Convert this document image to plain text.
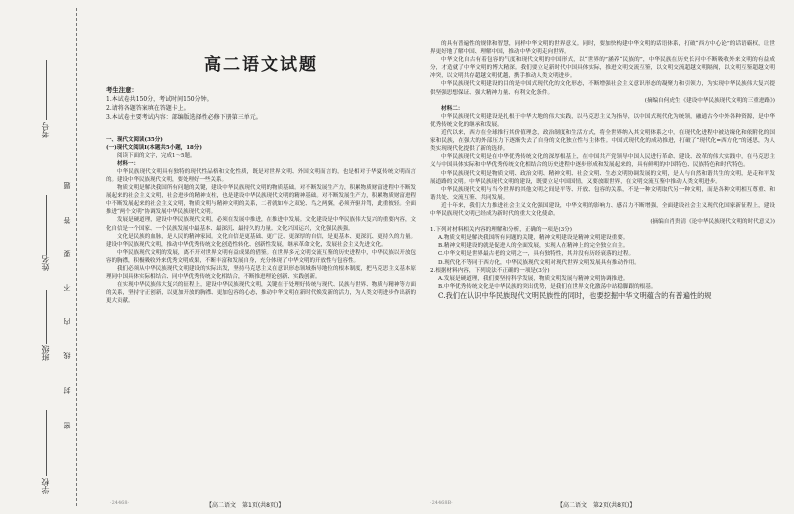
考号
姓名
班级
学校
题
答
要
不
内
线
封
密
高二语文试题
考生注意：
1.本试卷共150分，考试时间150分钟。
2.请将各题答案填在答题卡上。
3.本试卷主要考试内容：部编版选择性必修下册第三单元。
一、现代文阅读(35分)
(一)现代文阅读Ⅰ(本题共5小题，18分)
阅读下面的文字，完成1～5题。
材料一：
中华民族现代文明具有独特的现代性品格和文化性质，既是对世界文明、外国文明而言的，也是相对于华夏传统文明而言的。建设中华民族现代文明，要处理好一些关系。
物质文明是解决我国所有问题的关键，建设中华民族现代文明的物质基础。对不断发展生产力，积累物质财富进程中不断发展起来的社会主义文明，社会进步的精神支柱，也是建设中华民族现代文明的精神基础。对不断发展生产力，积累物质财富进程中不断发展起来的社会主义文明，物质文明与精神文明的关系，二者就如车之双轮、鸟之两翼，必须齐驱并驾，此重彼轻。全面推进“两个文明”协调发展中华民族现代文明。
发展是硬道理，建设中华民族现代文明，必须在发展中推进，在推进中发展。文化建设是中华民族伟大复兴的重要内容，文化自信是一个国家、一个民族发展中最基本、最深沉、最持久的力量。文化兴国运兴，文化强民族强。
文化是民族的血脉，是人民的精神家园。文化自信是更基础、更广泛、更深厚的自信，是更基本、更深沉、更持久的力量。建设中华民族现代文明，推动中华优秀传统文化创造性转化、创新性发展，继承革命文化，发展社会主义先进文化。
中华民族现代文明的发展，离不开对世界文明有益成果的借鉴。在世界多元文明交流互鉴的历史进程中，中华民族以开放包容的胸襟，积极吸收外来优秀文明成果，不断丰富和发展自身，充分体现了中华文明的开放性与包容性。
我们必须从中华民族现代文明建设的实际出发，坚持马克思主义在意识形态领域指导地位的根本制度，把马克思主义基本原理同中国具体实际相结合、同中华优秀传统文化相结合，不断推进理论创新、实践创新。
在实现中华民族伟大复兴的征程上，建设中华民族现代文明，关键在于处理好传统与现代、民族与世界、物质与精神等方面的关系，坚持守正创新，以更加开放的胸襟、更加包容的心态，推动中华文明在新时代焕发新的活力，为人类文明进步作出新的更大贡献。
的具有普遍性的规律和智慧，同样中华文明的世界意义。同时，要加快构建中华文明的话语体系，打破“西方中心论”的话语霸权，让世界更好地了解中国、理解中国，推动中华文明走向世界。
中华文化自古有着包容的气度和现代文明的中国形式，以“世界的”涵养“民族的”，中华民族在历史长河中不断吸收外来文明的有益成分，才造就了中华文明的博大精深。我们要立足新时代中国具体实际，推进文明交流互鉴，以文明交流超越文明隔阂，以文明互鉴超越文明冲突，以文明共存超越文明优越，携手推动人类文明进步。
中华民族现代文明建设的目的是中国式现代化的文化形态，不断增强社会主义意识形态的凝聚力和引领力，为实现中华民族伟大复兴提供坚强思想保证、强大精神力量、有利文化条件。
(摘编自何虎生《建设中华民族现代文明的三重进路》)
材料二：
中华民族现代文明建设是扎根于中华大地的伟大实践，以马克思主义为指导，以中国式现代化为统领，融通古今中外各种资源，是中华优秀传统文化的继承和发展。
近代以来，西方在全球推行其价值理念，政治制度和生活方式，将全世界纳入其文明体系之中，在现代化进程中被边缘化和依附化的国家和民族，在强大的外部压力下逐渐失去了自身的文化独立性与主体性。中国式现代化的成功推进，打破了“现代化=西方化”的迷思，为人类实现现代化提供了新的选择。
中华民族现代文明是在中华优秀传统文化的深厚根基上，在中国共产党领导中国人民进行革命、建设、改革的伟大实践中，在马克思主义与中国具体实际和中华优秀传统文化相结合的历史进程中逐步形成和发展起来的，具有鲜明的中国特色、民族特色和时代特色。
中华民族现代文明是物质文明、政治文明、精神文明、社会文明、生态文明协调发展的文明，是人与自然和谐共生的文明，是走和平发展道路的文明。中华民族现代文明的建设，既要立足中国国情，又要放眼世界，在文明交流互鉴中推动人类文明进步。
中华民族现代文明与当今世界的其他文明之间是平等、开放、包容的关系，不是一种文明取代另一种文明，而是各种文明相互尊重、和谐共处、交流互鉴、共同发展。
近十年来，我们大力推进社会主义文化强国建设，中华文明的影响力、感召力不断增强，全面建设社会主义现代化国家新征程上，建设中华民族现代文明已经成为新时代的重大文化使命。
(摘编自肖贵清《论中华民族现代文明的时代意义》)
1.下列对材料相关内容的理解和分析，正确的一项是(3分)
A.物质文明是解决我国所有问题的关键，精神文明建设是精神文明建设重要。
B.精神文明建设的就是促进人的全面发展，实现人在精神上的完全独立自主。
C.中华文明是世界最古老的文明之一，具有独特性，其并没有历经衰落的过程。
D.现代化不等同于西方化，中华民族现代文明对现代世界文明发展具有推动作用。
2.根据材料内容，下列说法不正确的一项是(3分)
A.发展是硬道理，我们要坚持科学发展，物质文明发展与精神文明协调推进。
B.中华优秀传统文化是中华民族的突出优势，是我们在世界文化激荡中站稳脚跟的根基。
C.我们在认识中华民族现代文明民族性的同时，也要挖掘中华文明蕴含的有普遍性的规
·24468·	【高二语文　第1页(共8页)】	·24468B·	【高二语文　第2页(共8页)】
